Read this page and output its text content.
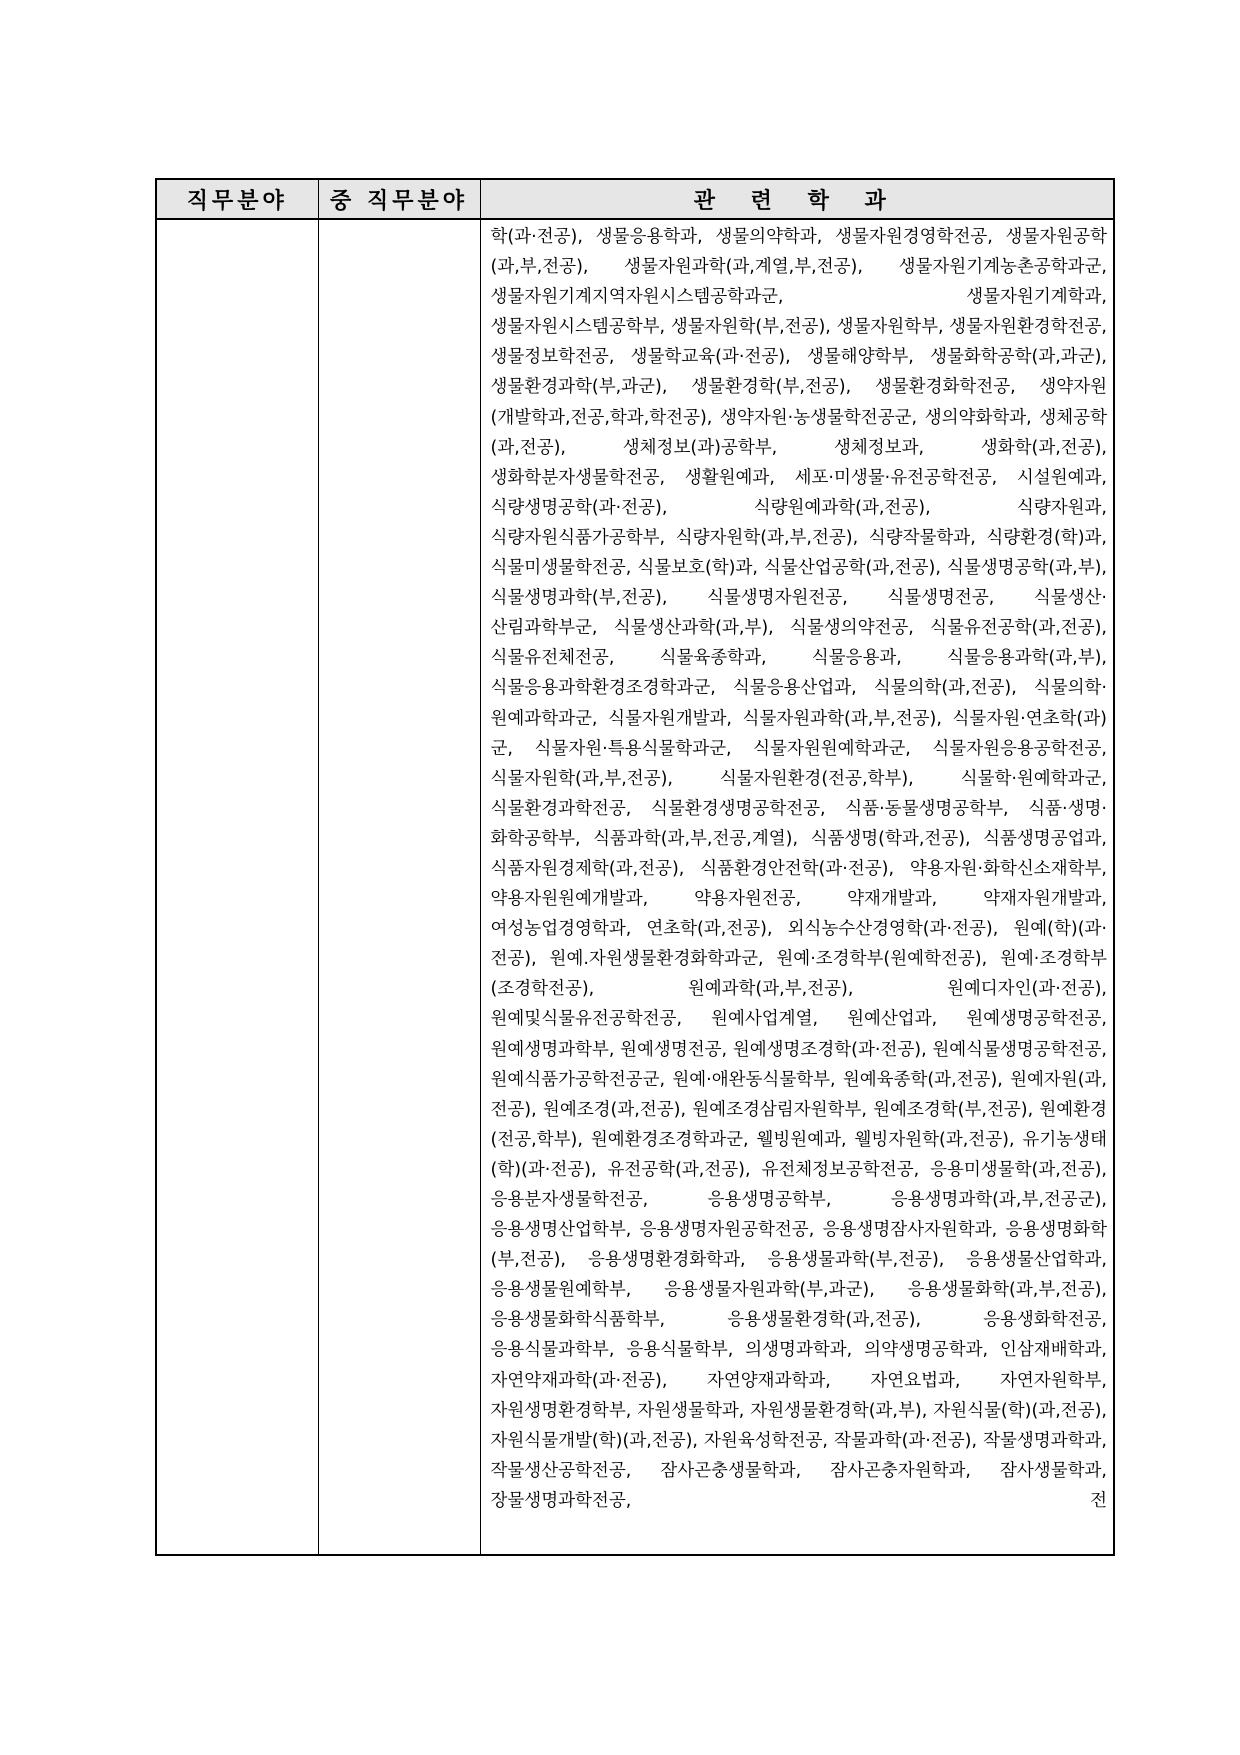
직무분야	중 직무분야	관 련 학 과

		학(과·전공), 생물응용학과, 생물의약학과, 생물자원경영학전공, 생물자원공학(과,부,전공), 생물자원과학(과,계열,부,전공), 생물자원기계농촌공학과군, 생물자원기계지역자원시스템공학과군, 생물자원기계학과, 생물자원시스템공학부, 생물자원학(부,전공), 생물자원학부, 생물자원환경학전공, 생물정보학전공, 생물학교육(과·전공), 생물해양학부, 생물화학공학(과,과군), 생물환경과학(부,과군), 생물환경학(부,전공), 생물환경화학전공, 생약자원(개발학과,전공,학과,학전공), 생약자원·농생물학전공군, 생의약화학과, 생체공학(과,전공), 생체정보(과)공학부, 생체정보과, 생화학(과,전공), 생화학분자생물학전공, 생활원예과, 세포·미생물·유전공학전공, 시설원예과, 식량생명공학(과·전공), 식량원예과학(과,전공), 식량자원과, 식량자원식품가공학부, 식량자원학(과,부,전공), 식량작물학과, 식량환경(학)과, 식물미생물학전공, 식물보호(학)과, 식물산업공학(과,전공), 식물생명공학(과,부), 식물생명과학(부,전공), 식물생명자원전공, 식물생명전공, 식물생산·산림과학부군, 식물생산과학(과,부), 식물생의약전공, 식물유전공학(과,전공), 식물유전체전공, 식물육종학과, 식물응용과, 식물응용과학(과,부), 식물응용과학환경조경학과군, 식물응용산업과, 식물의학(과,전공), 식물의학·원예과학과군, 식물자원개발과, 식물자원과학(과,부,전공), 식물자원·연초학(과)군, 식물자원·특용식물학과군, 식물자원원예학과군, 식물자원응용공학전공, 식물자원학(과,부,전공), 식물자원환경(전공,학부), 식물학·원예학과군, 식물환경과학전공, 식물환경생명공학전공, 식품·동물생명공학부, 식품·생명·화학공학부, 식품과학(과,부,전공,계열), 식품생명(학과,전공), 식품생명공업과, 식품자원경제학(과,전공), 식품환경안전학(과·전공), 약용자원·화학신소재학부, 약용자원원예개발과, 약용자원전공, 약재개발과, 약재자원개발과, 여성농업경영학과, 연초학(과,전공), 외식농수산경영학(과·전공), 원예(학)(과·전공), 원예.자원생물환경화학과군, 원예·조경학부(원예학전공), 원예·조경학부(조경학전공), 원예과학(과,부,전공), 원예디자인(과·전공), 원예및식물유전공학전공, 원예사업계열, 원예산업과, 원예생명공학전공, 원예생명과학부, 원예생명전공, 원예생명조경학(과·전공), 원예식물생명공학전공, 원예식품가공학전공군, 원예·애완동식물학부, 원예육종학(과,전공), 원예자원(과,전공), 원예조경(과,전공), 원예조경삼림자원학부, 원예조경학(부,전공), 원예환경(전공,학부), 원예환경조경학과군, 웰빙원예과, 웰빙자원학(과,전공), 유기농생태(학)(과·전공), 유전공학(과,전공), 유전체정보공학전공, 응용미생물학(과,전공), 응용분자생물학전공, 응용생명공학부, 응용생명과학(과,부,전공군), 응용생명산업학부, 응용생명자원공학전공, 응용생명잠사자원학과, 응용생명화학(부,전공), 응용생명환경화학과, 응용생물과학(부,전공), 응용생물산업학과, 응용생물원예학부, 응용생물자원과학(부,과군), 응용생물화학(과,부,전공), 응용생물화학식품학부, 응용생물환경학(과,전공), 응용생화학전공, 응용식물과학부, 응용식물학부, 의생명과학과, 의약생명공학과, 인삼재배학과, 자연약재과학(과·전공), 자연양재과학과, 자연요법과, 자연자원학부, 자원생명환경학부, 자원생물학과, 자원생물환경학(과,부), 자원식물(학)(과,전공), 자원식물개발(학)(과,전공), 자원육성학전공, 작물과학(과·전공), 작물생명과학과, 작물생산공학전공, 잠사곤충생물학과, 잠사곤충자원학과, 잠사생물학과, 장물생명과학전공, 전
